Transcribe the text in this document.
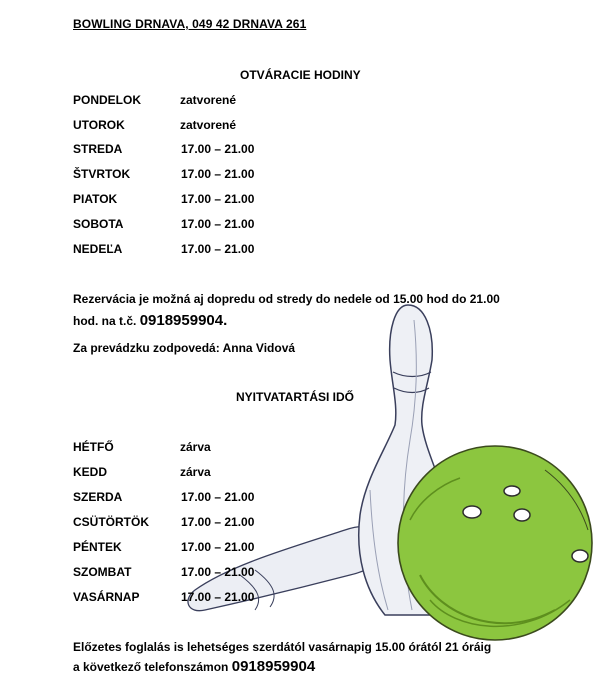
BOWLING DRNAVA, 049 42 DRNAVA 261
OTVÁRACIE HODINY
PONDELOK	zatvorené
UTOROK	zatvorené
STREDA	17.00 – 21.00
ŠTVRTOK	17.00 – 21.00
PIATOK	17.00 – 21.00
SOBOTA	17.00 – 21.00
NEDEĽA	17.00 – 21.00
Rezervácia je možná aj dopredu od stredy do nedele od 15.00 hod do 21.00
hod. na t.č. 0918959904.
Za prevádzku zodpovedá: Anna Vidová
NYITVATARTÁSI IDŐ
HÉTFŐ	zárva
KEDD	zárva
SZERDA	17.00 – 21.00
CSÜTÖRTÖK	17.00 – 21.00
PÉNTEK	17.00 – 21.00
SZOMBAT	17.00 – 21.00
VASÁRNAP	17.00 – 21.00
Előzetes foglalás is lehetséges szerdától vasárnapig 15.00 órától 21 óráig
a következő telefonszámon 0918959904
